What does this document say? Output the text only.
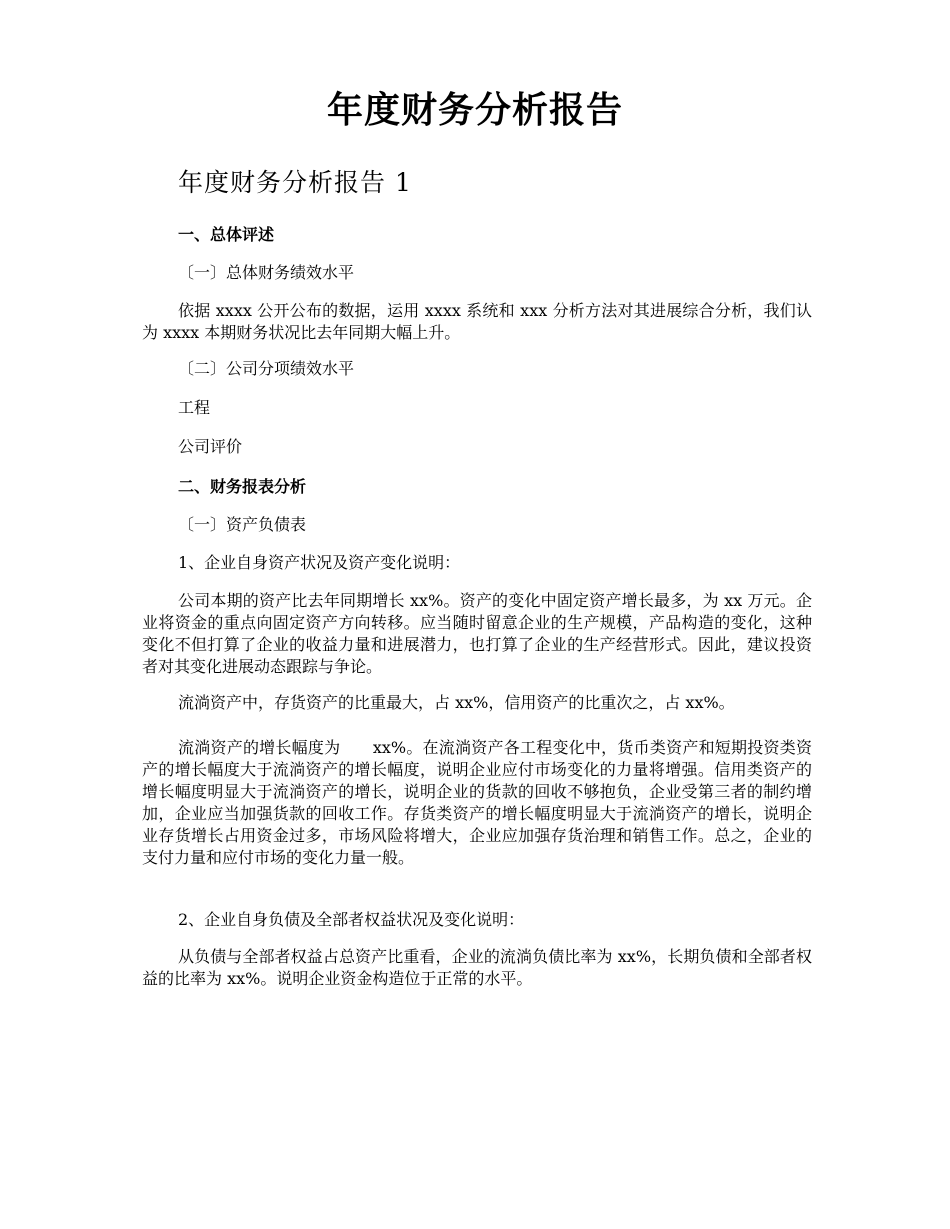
年度财务分析报告
年度财务分析报告 1

一、总体评述

〔一〕总体财务绩效水平

依据 xxxx 公开公布的数据，运用 xxxx 系统和 xxx 分析方法对其进展综合分析，我们认为 xxxx 本期财务状况比去年同期大幅上升。

〔二〕公司分项绩效水平

工程

公司评价

二、财务报表分析

〔一〕资产负债表

1、企业自身资产状况及资产变化说明：

公司本期的资产比去年同期增长 xx%。资产的变化中固定资产增长最多，为 xx 万元。企业将资金的重点向固定资产方向转移。应当随时留意企业的生产规模，产品构造的变化，这种变化不但打算了企业的收益力量和进展潜力，也打算了企业的生产经营形式。因此，建议投资者对其变化进展动态跟踪与争论。

流淌资产中，存货资产的比重最大，占 xx%，信用资产的比重次之，占 xx%。

流淌资产的增长幅度为　　xx%。在流淌资产各工程变化中，货币类资产和短期投资类资产的增长幅度大于流淌资产的增长幅度，说明企业应付市场变化的力量将增强。信用类资产的增长幅度明显大于流淌资产的增长，说明企业的货款的回收不够抱负，企业受第三者的制约增加，企业应当加强货款的回收工作。存货类资产的增长幅度明显大于流淌资产的增长，说明企业存货增长占用资金过多，市场风险将增大，企业应加强存货治理和销售工作。总之，企业的支付力量和应付市场的变化力量一般。

2、企业自身负债及全部者权益状况及变化说明：

从负债与全部者权益占总资产比重看，企业的流淌负债比率为 xx%，长期负债和全部者权益的比率为 xx%。说明企业资金构造位于正常的水平。
